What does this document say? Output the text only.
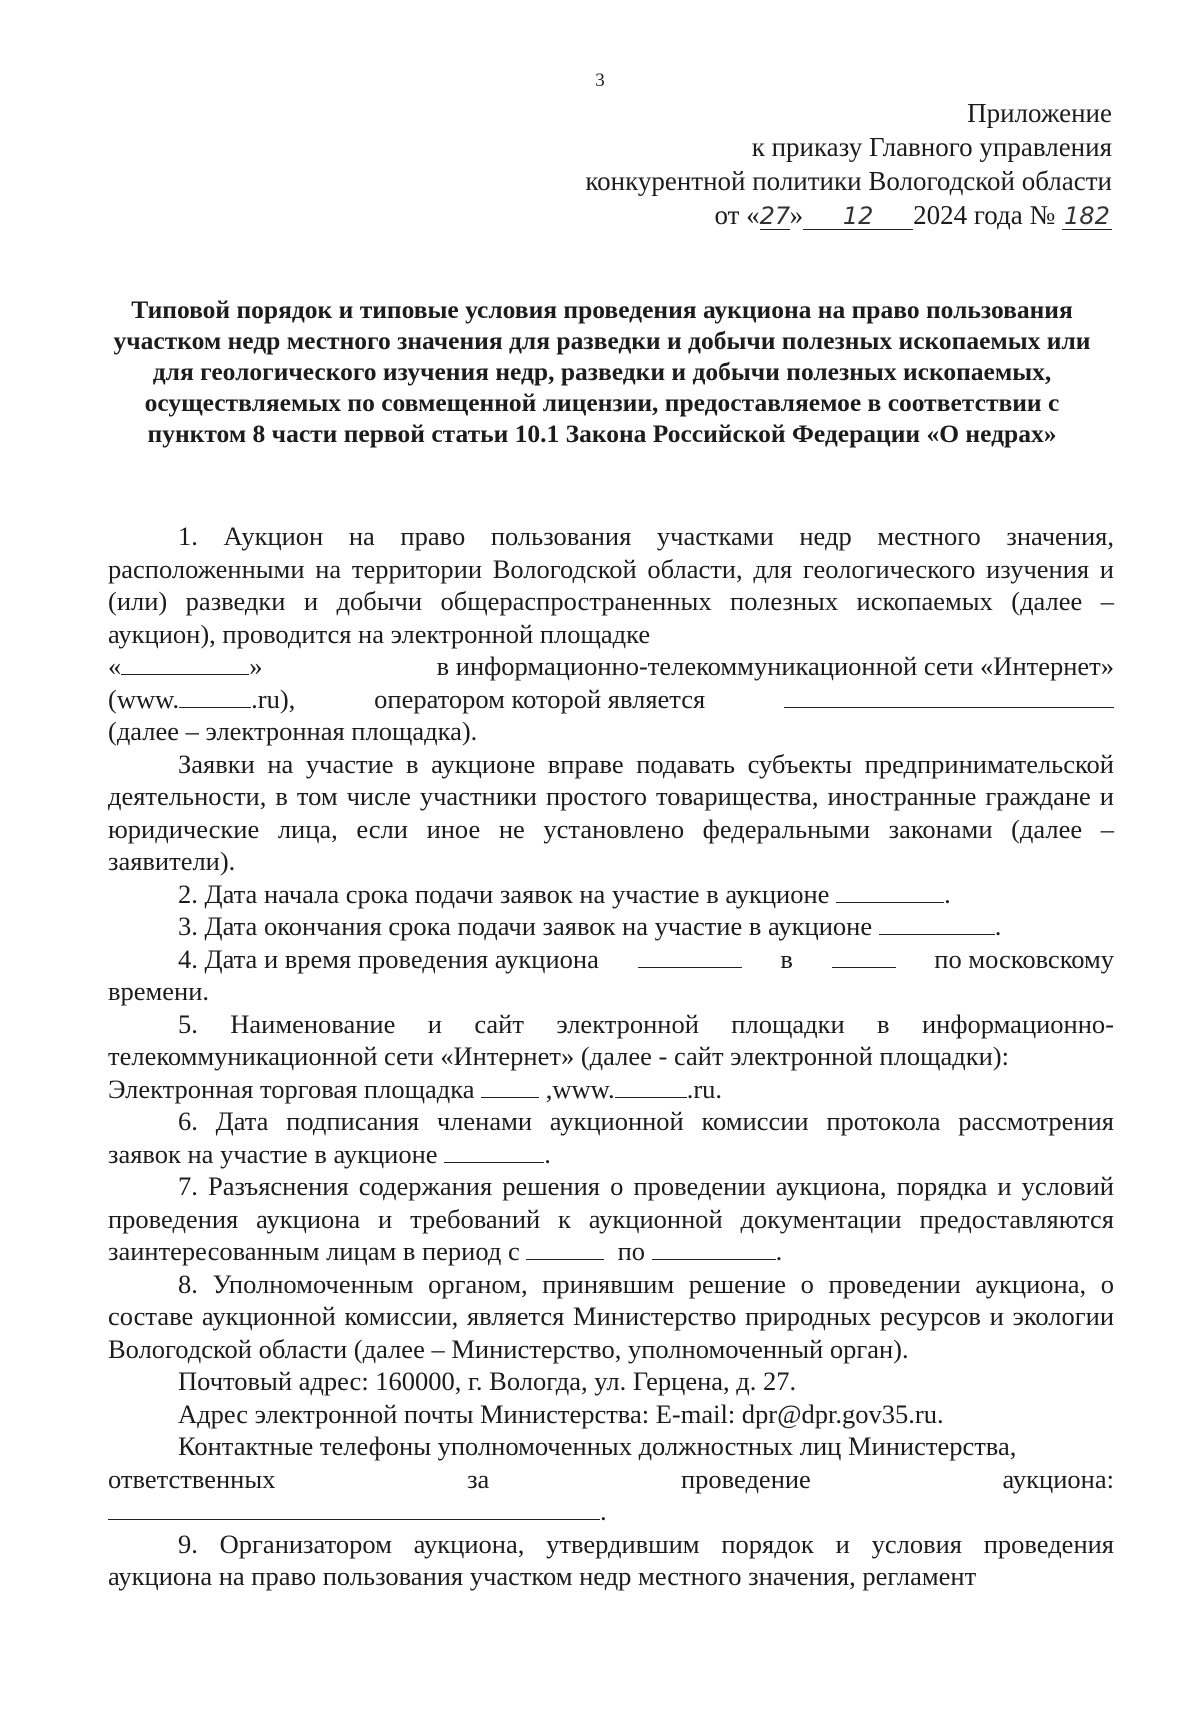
3
Приложение
к приказу Главного управления
конкурентной политики Вологодской области
от «27» 12 2024 года № 182
Типовой порядок и типовые условия проведения аукциона на право пользования участком недр местного значения для разведки и добычи полезных ископаемых или для геологического изучения недр, разведки и добычи полезных ископаемых, осуществляемых по совмещенной лицензии, предоставляемое в соответствии с пунктом 8 части первой статьи 10.1 Закона Российской Федерации «О недрах»

1. Аукцион на право пользования участками недр местного значения, расположенными на территории Вологодской области, для геологического изучения и (или) разведки и добычи общераспространенных полезных ископаемых (далее – аукцион), проводится на электронной площадке

«	»	в информационно-телекоммуникационной сети «Интернет»
(www.	.ru),	оператором которой является

(далее – электронная площадка).

Заявки на участие в аукционе вправе подавать субъекты предпринимательской деятельности, в том числе участники простого товарищества, иностранные граждане и юридические лица, если иное не установлено федеральными законами (далее – заявители).

2. Дата начала срока подачи заявок на участие в аукционе	.

3. Дата окончания срока подачи заявок на участие в аукционе	.

4. Дата и время проведения аукциона	в	по московскому

времени.

5. Наименование и сайт электронной площадки в информационно-телекоммуникационной сети «Интернет» (далее - сайт электронной площадки):

Электронная торговая площадка	,www.	.ru.

6. Дата подписания членами аукционной комиссии протокола рассмотрения заявок на участие в аукционе	.

7. Разъяснения содержания решения о проведении аукциона, порядка и условий проведения аукциона и требований к аукционной документации предоставляются заинтересованным лицам в период с	по	.

8. Уполномоченным органом, принявшим решение о проведении аукциона, о составе аукционной комиссии, является Министерство природных ресурсов и экологии Вологодской области (далее – Министерство, уполномоченный орган).

Почтовый адрес: 160000, г. Вологда, ул. Герцена, д. 27.

Адрес электронной почты Министерства: E-mail: dpr@dpr.gov35.ru.

Контактные телефоны уполномоченных должностных лиц Министерства,

ответственных	за	проведение	аукциона:
.

9. Организатором аукциона, утвердившим порядок и условия проведения аукциона на право пользования участком недр местного значения, регламент
